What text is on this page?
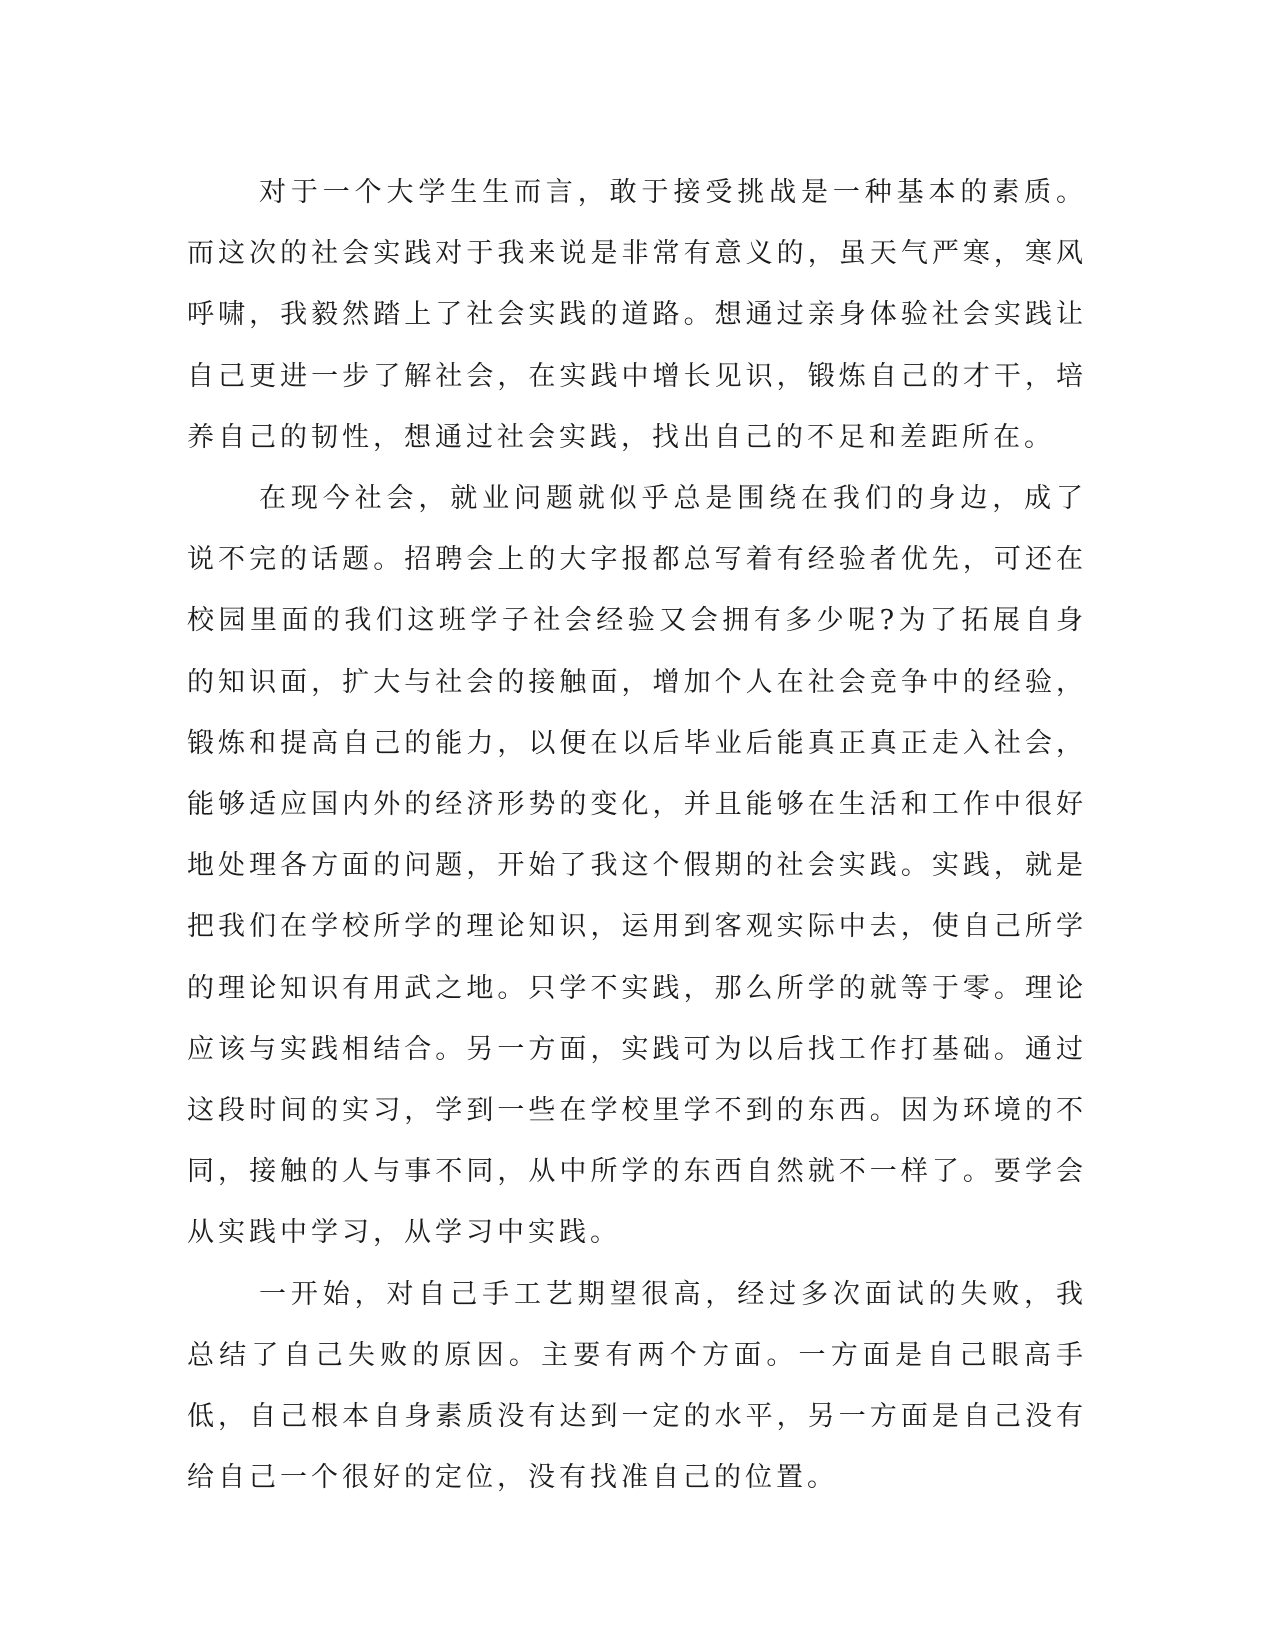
对于一个大学生生而言，敢于接受挑战是一种基本的素质。而这次的社会实践对于我来说是非常有意义的，虽天气严寒，寒风呼啸，我毅然踏上了社会实践的道路。想通过亲身体验社会实践让自己更进一步了解社会，在实践中增长见识，锻炼自己的才干，培养自己的韧性，想通过社会实践，找出自己的不足和差距所在。

在现今社会，就业问题就似乎总是围绕在我们的身边，成了说不完的话题。招聘会上的大字报都总写着有经验者优先，可还在校园里面的我们这班学子社会经验又会拥有多少呢?为了拓展自身的知识面，扩大与社会的接触面，增加个人在社会竞争中的经验，锻炼和提高自己的能力，以便在以后毕业后能真正真正走入社会，能够适应国内外的经济形势的变化，并且能够在生活和工作中很好地处理各方面的问题，开始了我这个假期的社会实践。实践，就是把我们在学校所学的理论知识，运用到客观实际中去，使自己所学的理论知识有用武之地。只学不实践，那么所学的就等于零。理论应该与实践相结合。另一方面，实践可为以后找工作打基础。通过这段时间的实习，学到一些在学校里学不到的东西。因为环境的不同，接触的人与事不同，从中所学的东西自然就不一样了。要学会从实践中学习，从学习中实践。

一开始，对自己手工艺期望很高，经过多次面试的失败，我总结了自己失败的原因。主要有两个方面。一方面是自己眼高手低，自己根本自身素质没有达到一定的水平，另一方面是自己没有给自己一个很好的定位，没有找准自己的位置。
